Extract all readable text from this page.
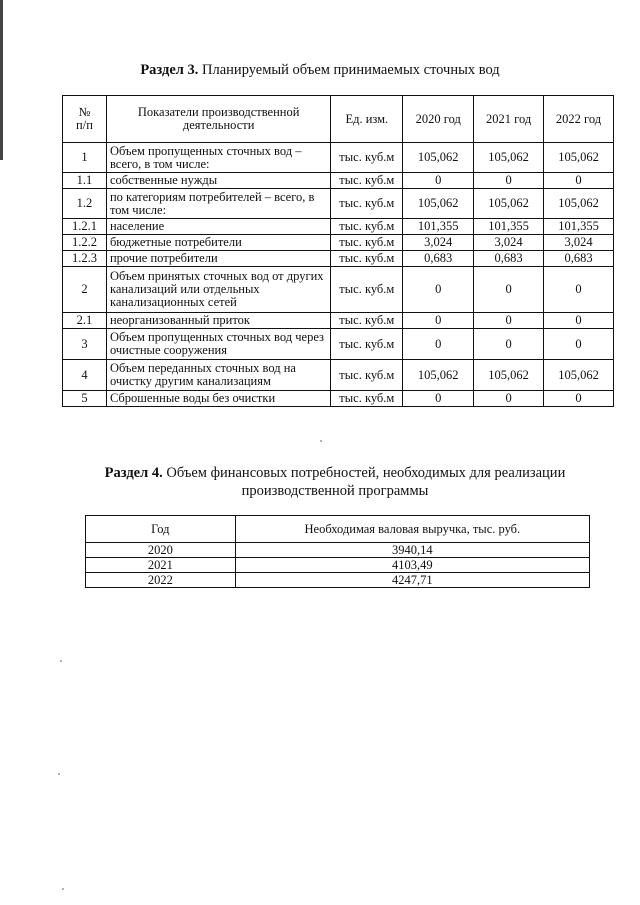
Раздел 3. Планируемый объем принимаемых сточных вод
№
п/п	Показатели производственной деятельности	Ед. изм.	2020 год	2021 год	2022 год
1	Объем пропущенных сточных вод – всего, в том числе:	тыс. куб.м	105,062	105,062	105,062
1.1	собственные нужды	тыс. куб.м	0	0	0
1.2	по категориям потребителей – всего, в том числе:	тыс. куб.м	105,062	105,062	105,062
1.2.1	население	тыс. куб.м	101,355	101,355	101,355
1.2.2	бюджетные потребители	тыс. куб.м	3,024	3,024	3,024
1.2.3	прочие потребители	тыс. куб.м	0,683	0,683	0,683
2	Объем принятых сточных вод от других канализаций или отдельных канализационных сетей	тыс. куб.м	0	0	0
2.1	неорганизованный приток	тыс. куб.м	0	0	0
3	Объем пропущенных сточных вод через очистные сооружения	тыс. куб.м	0	0	0
4	Объем переданных сточных вод на очистку другим канализациям	тыс. куб.м	105,062	105,062	105,062
5	Сброшенные воды без очистки	тыс. куб.м	0	0	0
Раздел 4. Объем финансовых потребностей, необходимых для реализации производственной программы
Год	Необходимая валовая выручка, тыс. руб.
2020	3940,14
2021	4103,49
2022	4247,71
